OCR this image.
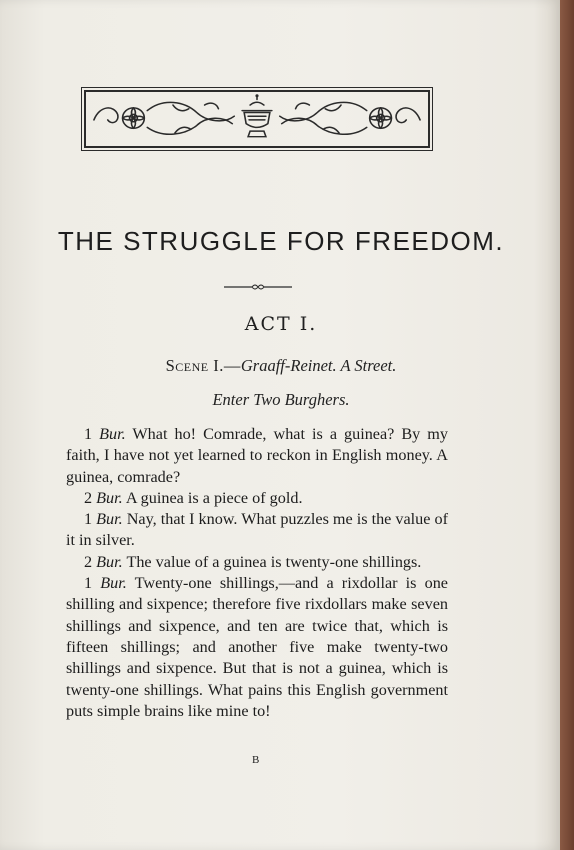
THE STRUGGLE FOR FREEDOM.
ACT I.
Scene I.—Graaff-Reinet. A Street.
Enter Two Burghers.

1 Bur. What ho! Comrade, what is a guinea? By my faith, I have not yet learned to reckon in English money. A guinea, comrade?

2 Bur. A guinea is a piece of gold.

1 Bur. Nay, that I know. What puzzles me is the value of it in silver.

2 Bur. The value of a guinea is twenty-one shillings.

1 Bur. Twenty-one shillings,—and a rixdollar is one shilling and sixpence; therefore five rixdollars make seven shillings and sixpence, and ten are twice that, which is fifteen shillings; and another five make twenty-two shillings and sixpence. But that is not a guinea, which is twenty-one shillings. What pains this English government puts simple brains like mine to!

B
